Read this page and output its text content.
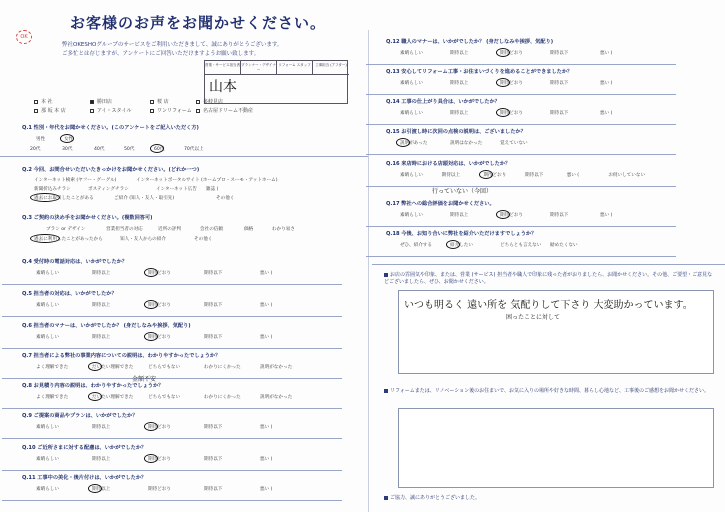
OK
お客様のお声をお聞かせください。
弊社OKESHOグループのサービスをご利用いただきまして、誠にありがとうございます。
ご多忙とは存じますが、アンケートにご回答いただけますようお願い致します。
営業・サービス担当者 プランナー・デザイナー
リフォーム スタッフ	工事担当 (アフター)
山本
本 社	勝田店	桜 店	多岐見店
那 坂 本 店	アイ・スタイル	ワンリフォーム 名古屋ドリーム不動産
Q.1 性別・年代をお聞かせください。(このアンケートをご記入いただく方)
男性	女性
20代	30代	40代	50代	60代	70代以上
Q.2 今回、お問合せいただいたきっかけをお聞かせください。(どれか一つ)
インターネット検索 (ヤフー・グーグル)	インターネットポータルサイト (ホームプロ・スーモ・アットホーム)
新聞折込みチラシ	ポスティングチラシ	インターネット広告 雑誌 (
過去にお取引したことがある	ご紹介 (知人・友人・取引先)	その他 (
Q.3 ご契約の決め手をお聞かせください。(複数回答可)
プラン or デザイン	営業担当者の対応	近所の評判	会社の信頼	価格	わかり易さ
過去に利用したことがあったから	知人・友人からの紹介	その他 (
Q.4 受付時の電話対応は、いかがでしたか？
素晴らしい	期待以上	期待どおり	期待以下	悪い (
Q.5 担当者の対応は、いかがでしたか？
素晴らしい	期待以上	期待どおり	期待以下	悪い (
Q.6 担当者のマナーは、いかがでしたか？ (身だしなみや挨拶、気配り)
素晴らしい	期待以上	期待どおり	期待以下	悪い (
Q.7 担当者による弊社の事業内容についての説明は、わかりやすかったでしょうか？
よく理解できた	だいたい理解できた	どちらでもない	わかりにくかった	説明がなかった
Q.8 お見積り内容の説明は、わかりやすかったでしょうか？
よく理解できた	だいたい理解できた	どちらでもない	わかりにくかった	説明がなかった
Q.9 ご提案の商品やプランは、いかがでしたか？
素晴らしい	期待以上	期待どおり	期待以下	悪い (
Q.10 ご近所さまに対する配慮は、いかがでしたか？
素晴らしい	期待以上	期待どおり	期待以下	悪い (
Q.11 工事中の美化・後片付けは、いかがでしたか？
素晴らしい	期待以上	期待どおり	期待以下	悪い (
Q.12 職人のマナーは、いかがでしたか？ (身だしなみや挨拶、気配り)
素晴らしい	期待以上	期待どおり	期待以下	悪い (
Q.13 安心してリフォーム工事・お住まいづくりを進めることができましたか？
素晴らしい	期待以上	期待どおり	期待以下	悪い (
Q.14 工事の仕上がり具合は、いかがでしたか？
素晴らしい	期待以上	期待どおり	期待以下	悪い (
Q.15 お引渡し時に次回の点検の説明は、ございましたか？
説明があった	説明はなかった	覚えていない
Q.16 来店時における店頭対応は、いかがでしたか？
素晴らしい	期待以上	期待どおり	期待以下	悪い (	お伺いしていない
Q.17 弊社への総合評価をお聞かせください。
素晴らしい	期待以上	期待どおり	期待以下	悪い (
Q.18 今後、お知り合いに弊社を紹介いただけますでしょうか？
ぜひ、紹介する	紹介したい	どちらとも言えない 勧めたくない
お店の雰囲気や印象、または、営業 (サービス) 担当者や職人で印象に残った者がおりましたら、お聞かせください。その他、ご要望・ご意見などございましたら、ぜひ、お聞かせください。
いつも明るく 遠い所を 気配りして下さり 大変助かっています。
困ったことに対して
リフォームまたは、リノベーション後のお住まいで、お気に入りの場所や好きな時間、暮らし心地など、工事後のご感想をお聞かせください。
ご協力、誠にありがとうございました。
金額不安
行っていない（今回）
